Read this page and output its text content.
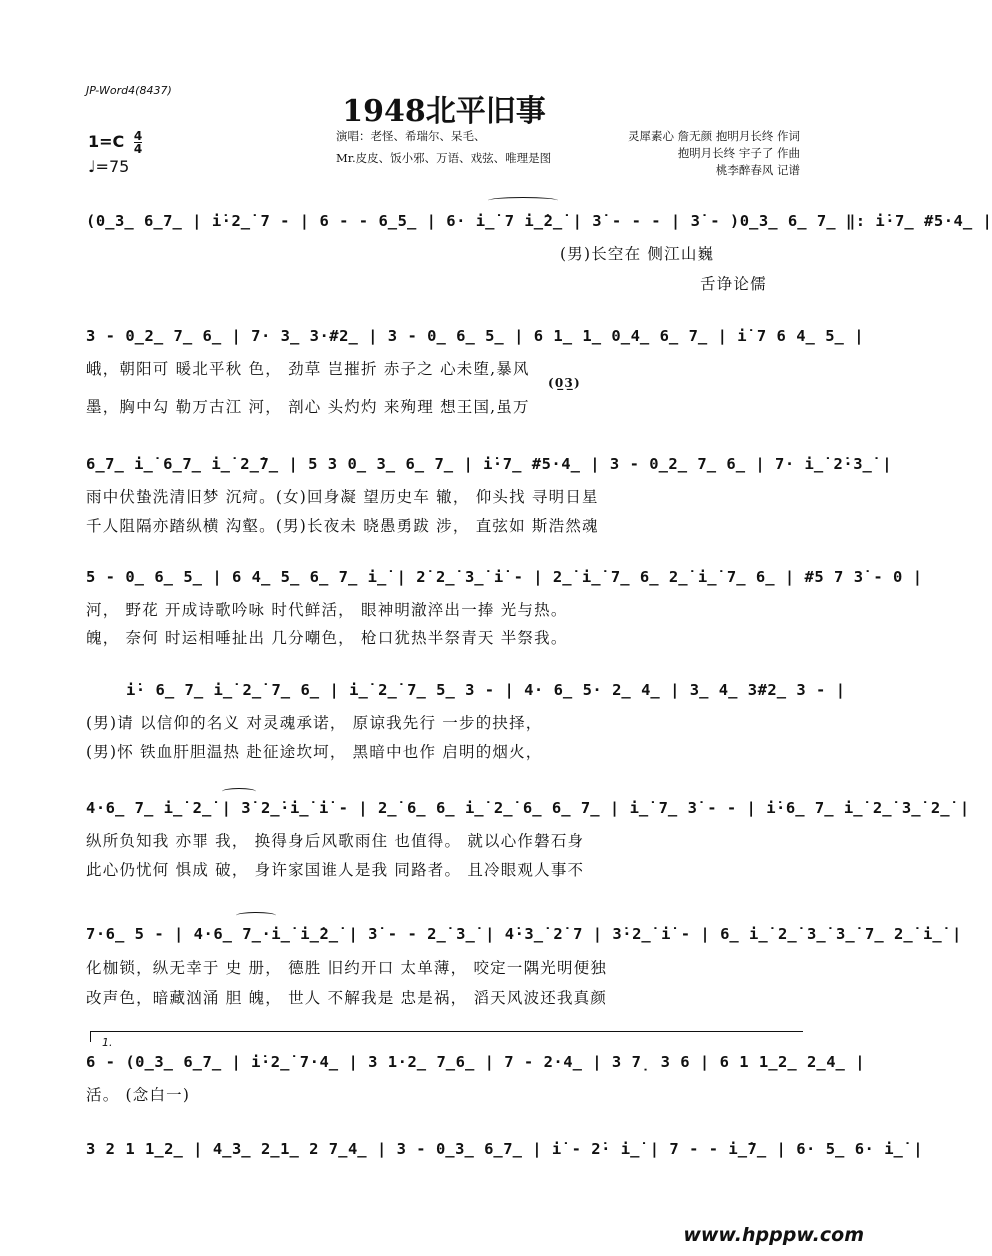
JP-Word4(8437)
1948北平旧事
$1=C \frac{4}{4}$
♩=75
演唱：老怪、希瑞尔、呆毛、
Mr.皮皮、饭小邪、万语、戏弦、唯理是图
灵犀素心 詹无颜 抱明月长终 作词
抱明月长终 宇子了 作曲
桃李醉春风 记谱
(0̲3̲ 6̲7̲ | i̇·2̲̇ 7 - | 6 - - 6̲5̲ | 6· i̲̇ 7 i̲̇2̲̇ | 3̇ - - - | 3̇ - )0̲3̲ 6̲ 7̲ ‖: i̇·7̲ #5·4̲ |
(男)长空在 侧江山巍
舌诤论儒
3 - 0̲2̲ 7̲ 6̲ | 7· 3̲ 3·#2̲ | 3 - 0̲ 6̲ 5̲ | 6 1̲ 1̲ 0̲4̲ 6̲ 7̲ | i̇ 7 6 4̲ 5̲ |
峨，朝阳可 暖北平秋 色， 劲草 岂摧折 赤子之 心未堕,暴风
(0̲3̲)
墨，胸中勾 勒万古江 河， 剖心 头灼灼 来殉理 想王国,虽万
6̲7̲ i̲̇ 6̲7̲ i̲̇ 2̲̇7̲ | 5 3 0̲ 3̲ 6̲ 7̲ | i̇·7̲ #5·4̲ | 3 - 0̲2̲ 7̲ 6̲ | 7· i̲̇ 2̇·3̲̇ |
雨中伏蛰洗清旧梦 沉疴。(女)回身凝 望历史车 辙， 仰头找 寻明日星
千人阻隔亦踏纵横 沟壑。(男)长夜未 晓愚勇跋 涉， 直弦如 斯浩然魂
5 - 0̲ 6̲ 5̲ | 6 4̲ 5̲ 6̲ 7̲ i̲̇ | 2̇ 2̲̇ 3̲̇ i̇ - | 2̲̇ i̲̇ 7̲ 6̲ 2̲̇ i̲̇ 7̲ 6̲ | #5 7 3̇ - 0 |
河， 野花 开成诗歌吟咏 时代鲜活， 眼神明澈淬出一捧 光与热。
魄， 奈何 时运相唾扯出 几分嘲色， 枪口犹热半祭青天 半祭我。
i̇· 6̲ 7̲ i̲̇ 2̲̇ 7̲ 6̲ | i̲̇ 2̲̇ 7̲ 5̲ 3 - | 4· 6̲ 5· 2̲ 4̲ | 3̲ 4̲ 3#2̲ 3 - |
(男)请 以信仰的名义 对灵魂承诺， 原谅我先行 一步的抉择，
(男)怀 铁血肝胆温热 赴征途坎坷， 黑暗中也作 启明的烟火，
4·6̲ 7̲ i̲̇ 2̲̇ | 3̇ 2̲̇·i̲̇ i̇ - | 2̲̇ 6̲ 6̲ i̲̇ 2̲̇ 6̲ 6̲ 7̲ | i̲̇ 7̲ 3̇ - - | i̇·6̲ 7̲ i̲̇ 2̲̇ 3̲̇ 2̲̇ |
纵所负知我 亦罪 我， 换得身后风歌雨住 也值得。 就以心作磐石身
此心仍忧何 惧成 破， 身许家国谁人是我 同路者。 且冷眼观人事不
7·6̲ 5 - | 4·6̲ 7̲·i̲̇ i̲̇2̲̇ | 3̇ - - 2̲̇ 3̲̇ | 4̇·3̲̇ 2̇ 7 | 3̇·2̲̇ i̇ - | 6̲ i̲̇ 2̲̇ 3̲̇ 3̲̇ 7̲ 2̲̇ i̲̇ |
化枷锁，纵无幸于 史 册， 德胜 旧约开口 太单薄， 咬定一隅光明便独
改声色，暗藏汹涌 胆 魄， 世人 不解我是 忠是祸， 滔天风波还我真颜
1.
6 - (0̲3̲ 6̲7̲ | i̇·2̲̇ 7·4̲ | 3 1·2̲ 7̲6̲ | 7 - 2·4̲ | 3 7̣ 3 6 | 6 1 1̲2̲ 2̲4̲ |
活。 (念白一)
3 2 1 1̲2̲ | 4̲3̲ 2̲1̲ 2 7̲4̲ | 3 - 0̲3̲ 6̲7̲ | i̇ - 2̇· i̲̇ | 7 - - i̲̇7̲ | 6· 5̲ 6· i̲̇ |
www.hpppw.com
